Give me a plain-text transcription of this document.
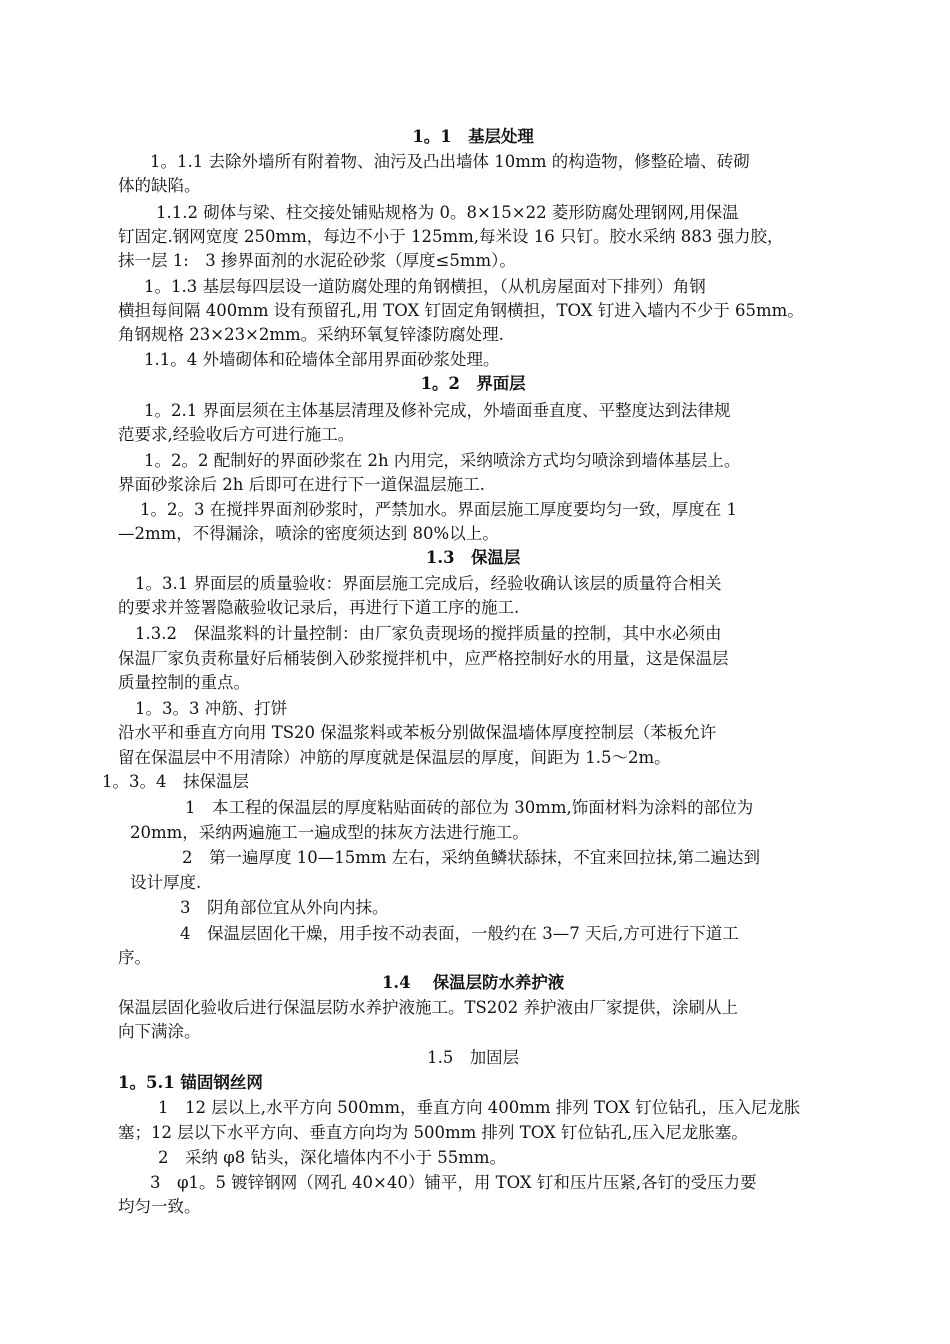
1。1　基层处理
1。1.1 去除外墙所有附着物、油污及凸出墙体 10mm 的构造物，修整砼墙、砖砌
体的缺陷。
1.1.2 砌体与梁、柱交接处铺贴规格为 0。8×15×22 菱形防腐处理钢网,用保温
钉固定.钢网宽度 250mm，每边不小于 125mm,每米设 16 只钉。胶水采纳 883 强力胶，
抹一层 1:　3 掺界面剂的水泥砼砂浆（厚度≤5mm）。
1。1.3 基层每四层设一道防腐处理的角钢横担，（从机房屋面对下排列）角钢
横担每间隔 400mm 设有预留孔,用 TOX 钉固定角钢横担，TOX 钉进入墙内不少于 65mm。
角钢规格 23×23×2mm。采纳环氧复锌漆防腐处理.
1.1。4 外墙砌体和砼墙体全部用界面砂浆处理。
1。2　界面层
1。2.1 界面层须在主体基层清理及修补完成，外墙面垂直度、平整度达到法律规
范要求,经验收后方可进行施工。
1。2。2 配制好的界面砂浆在 2h 内用完，采纳喷涂方式均匀喷涂到墙体基层上。
界面砂浆涂后 2h 后即可在进行下一道保温层施工.
1。2。3 在搅拌界面剂砂浆时，严禁加水。界面层施工厚度要均匀一致，厚度在 1
—2mm，不得漏涂，喷涂的密度须达到 80%以上。
1.3　保温层
1。3.1 界面层的质量验收：界面层施工完成后，经验收确认该层的质量符合相关
的要求并签署隐蔽验收记录后，再进行下道工序的施工.
1.3.2　保温浆料的计量控制：由厂家负责现场的搅拌质量的控制，其中水必须由
保温厂家负责称量好后桶装倒入砂浆搅拌机中，应严格控制好水的用量，这是保温层
质量控制的重点。
1。3。3 冲筋、打饼
沿水平和垂直方向用 TS20 保温浆料或苯板分别做保温墙体厚度控制层（苯板允许
留在保温层中不用清除）冲筋的厚度就是保温层的厚度，间距为 1.5～2m。
1。3。4　抹保温层
1　本工程的保温层的厚度粘贴面砖的部位为 30mm,饰面材料为涂料的部位为
20mm，采纳两遍施工一遍成型的抹灰方法进行施工。
2　第一遍厚度 10—15mm 左右，采纳鱼鳞状舔抹，不宜来回拉抹,第二遍达到
设计厚度.
3　阴角部位宜从外向内抹。
4　保温层固化干燥，用手按不动表面，一般约在 3—7 天后,方可进行下道工
序。
1.4　 保温层防水养护液
保温层固化验收后进行保温层防水养护液施工。TS202 养护液由厂家提供，涂刷从上
向下满涂。
1.5　加固层
1。5.1 锚固钢丝网
1　12 层以上,水平方向 500mm，垂直方向 400mm 排列 TOX 钉位钻孔，压入尼龙胀
塞；12 层以下水平方向、垂直方向均为 500mm 排列 TOX 钉位钻孔,压入尼龙胀塞。
2　采纳 φ8 钻头，深化墙体内不小于 55mm。
3　φ1。5 镀锌钢网（网孔 40×40）铺平，用 TOX 钉和压片压紧,各钉的受压力要
均匀一致。
